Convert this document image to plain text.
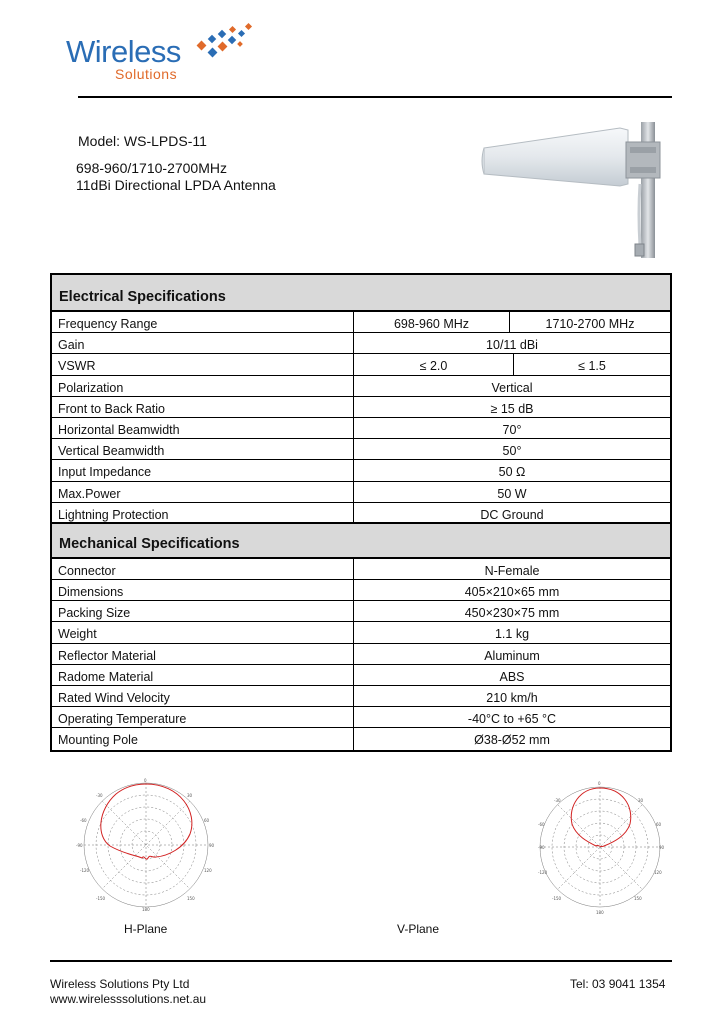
Wireless
Solutions
Model: WS-LPDS-11
698-960/1710-2700MHz
11dBi Directional LPDA Antenna
Electrical Specifications
Frequency Range	698-960 MHz	1710-2700 MHz
Gain	10/11 dBi
VSWR	≤ 2.0	≤ 1.5
Polarization	Vertical
Front to Back Ratio	≥ 15 dB
Horizontal Beamwidth	70°
Vertical Beamwidth	50°
Input Impedance	50 Ω
Max.Power	50 W
Lightning Protection	DC Ground
Mechanical Specifications
Connector	N-Female
Dimensions	405×210×65 mm
Packing Size	450×230×75 mm
Weight	1.1 kg
Reflector Material	Aluminum
Radome Material	ABS
Rated Wind Velocity	210 km/h
Operating Temperature	-40°C to +65 °C
Mounting Pole	Ø38-Ø52 mm
0
30
60
90
120
150
180
-150
-120
-90
-60
-30
H-Plane
0
30
60
90
120
150
180
-150
-120
-90
-60
-30
V-Plane
Wireless Solutions Pty Ltd
www.wirelesssolutions.net.au
Tel: 03 9041 1354
